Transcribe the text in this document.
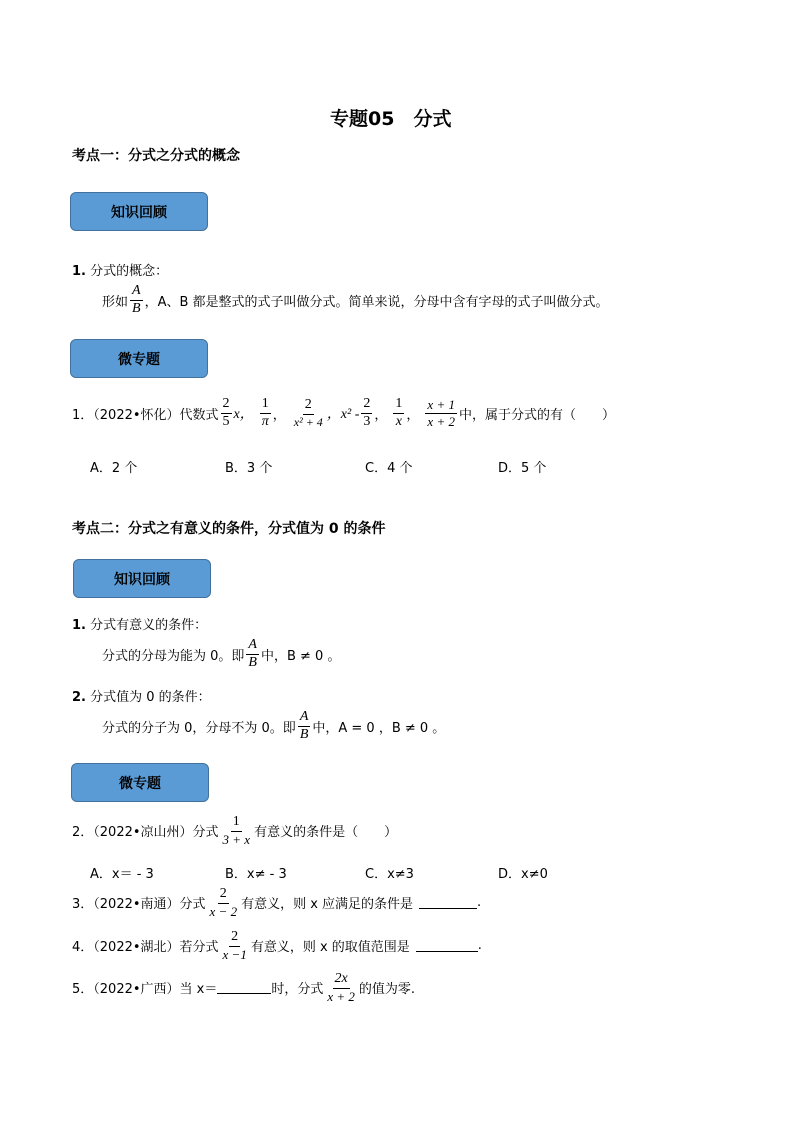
专题05　分式
考点一：分式之分式的概念
知识回顾
1. 分式的概念：
形如 $\frac{A}{B}$ ，A、B 都是整式的式子叫做分式。简单来说，分母中含有字母的式子叫做分式。
微专题
1．（2022•怀化）代数式 $\frac{2}{5}$ x， $\frac{1}{\pi}$ ， $\frac{2}{\text{x² + 4}}$ ，$x^2 - \frac{2}{3}$ ， $\frac{1}{x}$ ， $\frac{x + 1}{x + 2}$ 中，属于分式的有（　　）
A．2 个	B．3 个	C．4 个	D．5 个
考点二：分式之有意义的条件，分式值为 0 的条件
知识回顾
1. 分式有意义的条件：
分式的分母为能为 0。即 $\frac{A}{B}$ 中，B ≠ 0 。
2. 分式值为 0 的条件：
分式的分子为 0，分母不为 0。即 $\frac{A}{B}$ 中，A = 0 ，B ≠ 0 。
微专题
2．（2022•凉山州）分式 $\frac{1}{3 + x}$ 有意义的条件是（　　）
A．x＝ - 3	B．x≠ - 3	C．x≠3	D．x≠0
3．（2022•南通）分式 $\frac{2}{x - 2}$ 有意义，则 x 应满足的条件是	.
4．（2022•湖北）若分式 $\frac{2}{x -1}$ 有意义，则 x 的取值范围是	.
5．（2022•广西）当 x＝	时，分式 $\frac{2x}{x + 2}$ 的值为零.
